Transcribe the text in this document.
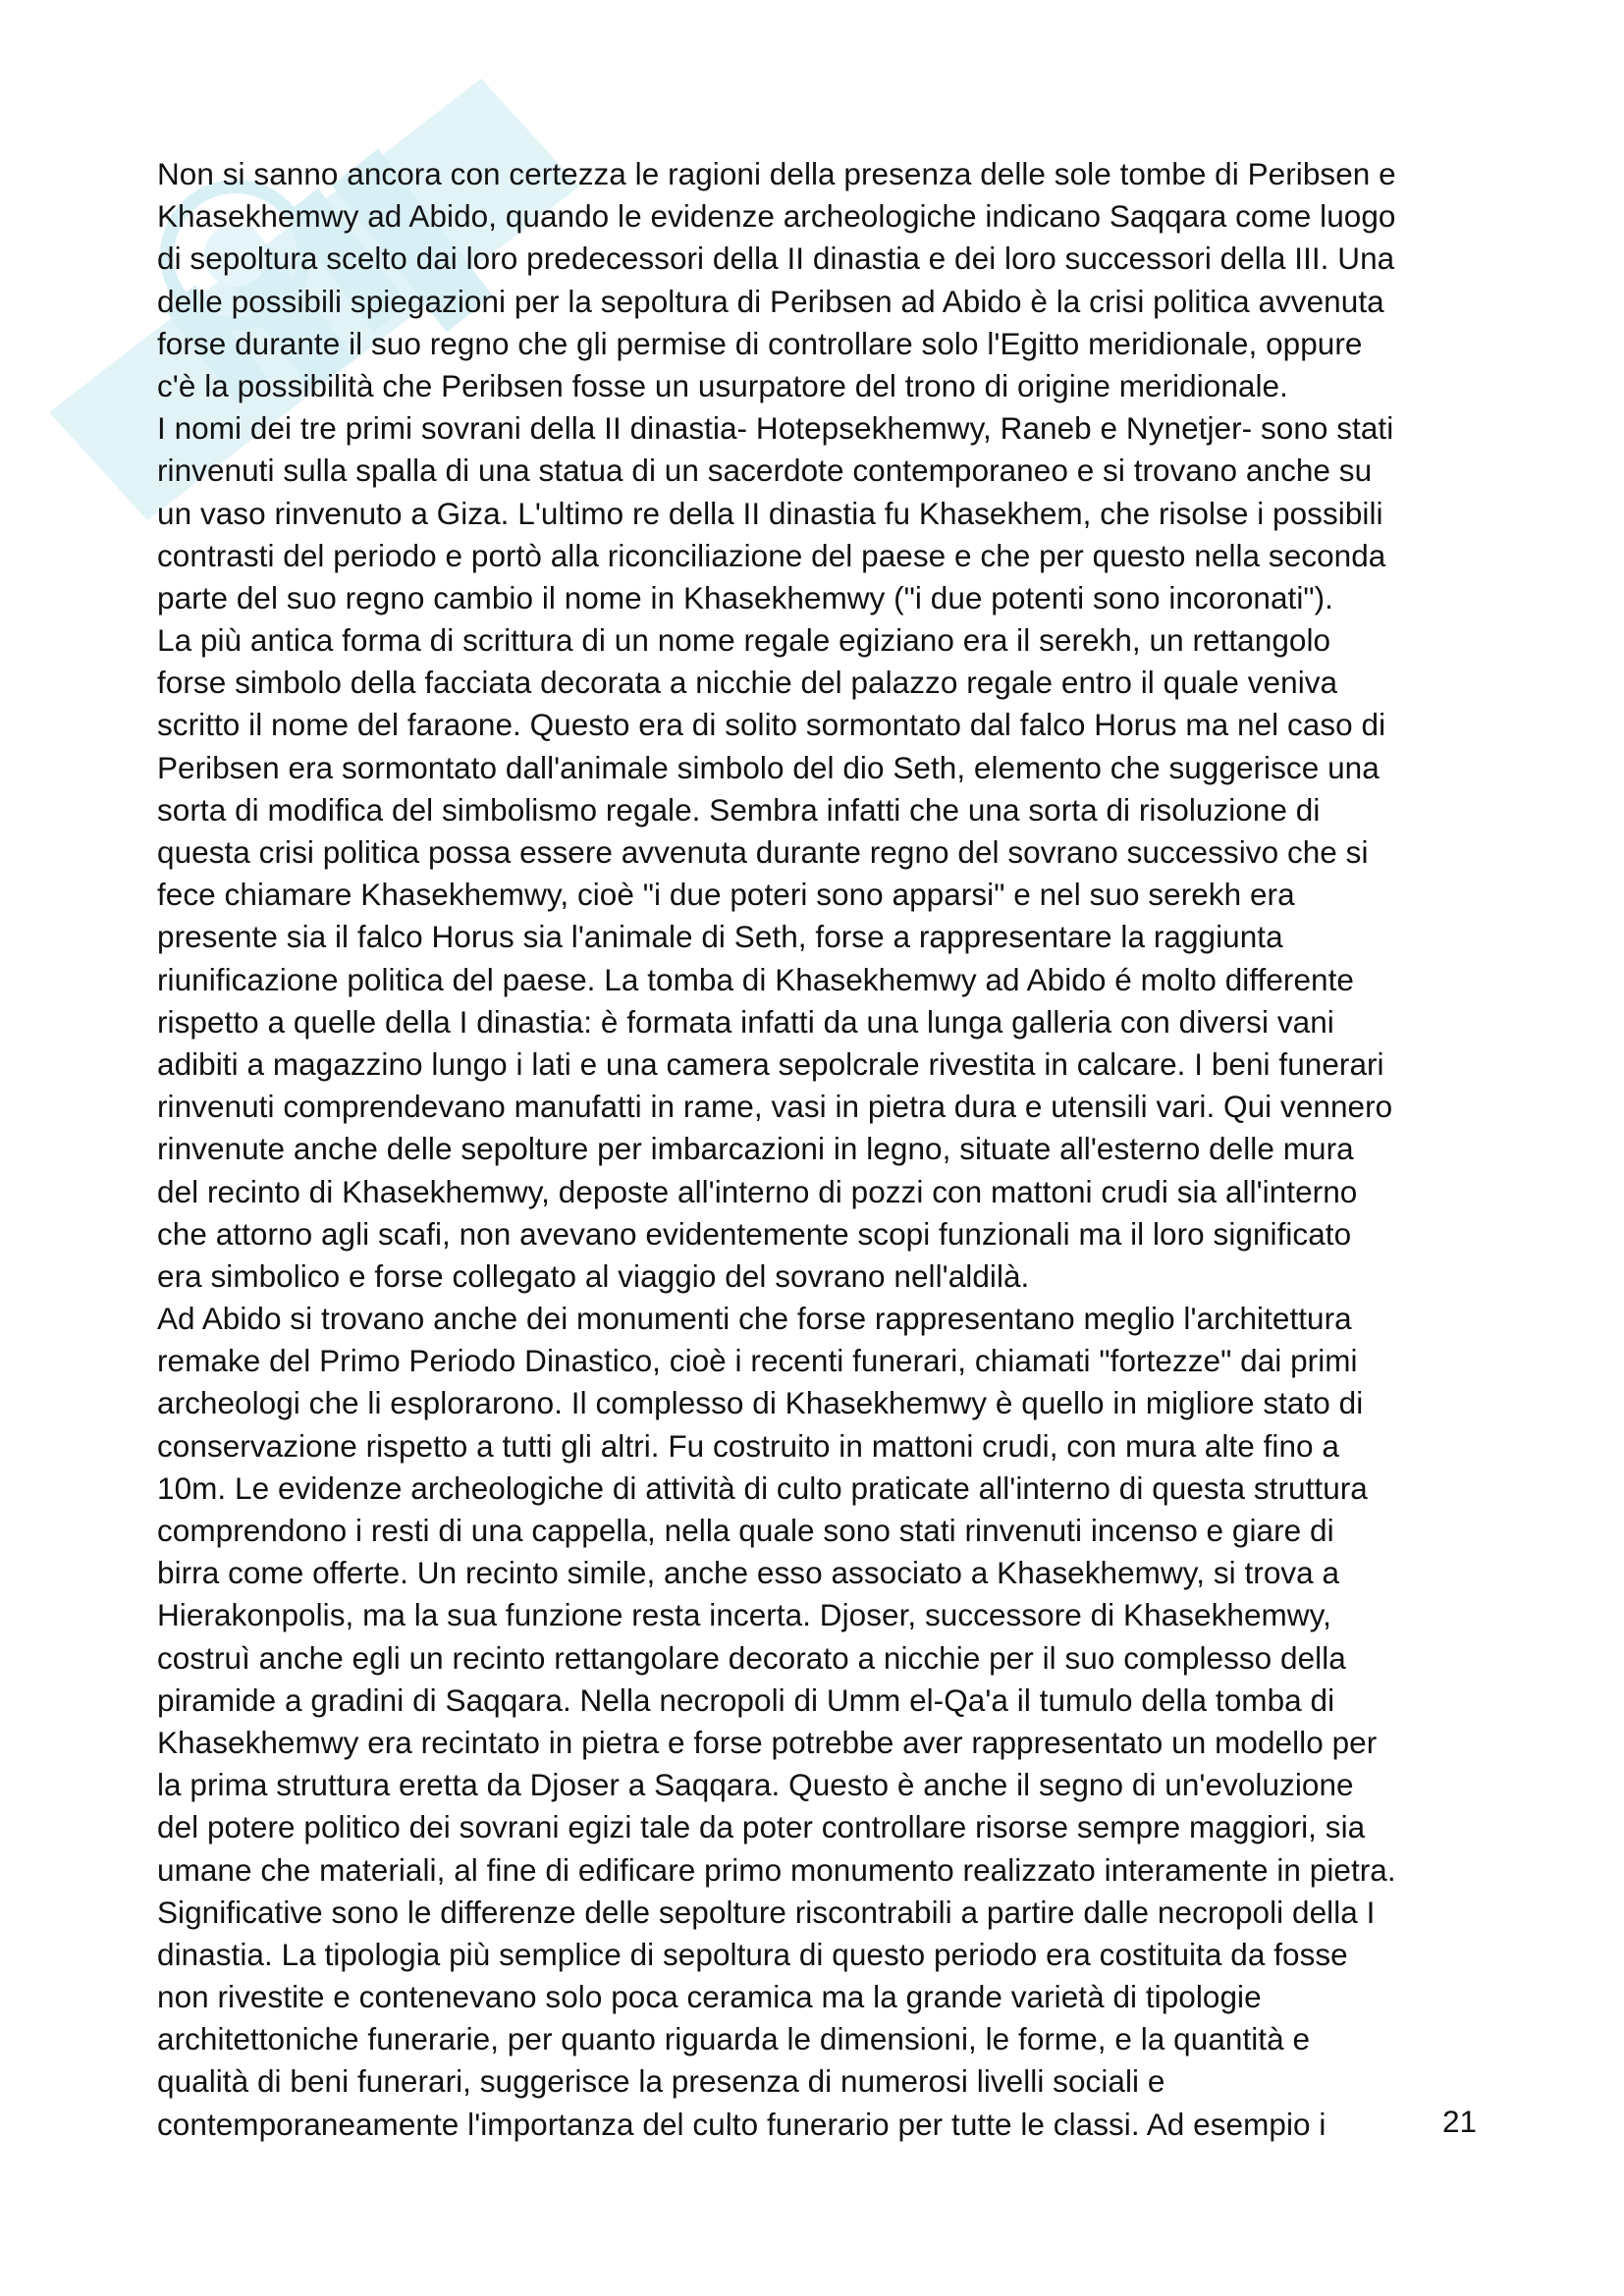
Non si sanno ancora con certezza le ragioni della presenza delle sole tombe di Peribsen e
Khasekhemwy ad Abido, quando le evidenze archeologiche indicano Saqqara come luogo
di sepoltura scelto dai loro predecessori della II dinastia e dei loro successori della III. Una
delle possibili spiegazioni per la sepoltura di Peribsen ad Abido è la crisi politica avvenuta
forse durante il suo regno che gli permise di controllare solo l'Egitto meridionale, oppure
c'è la possibilità che Peribsen fosse un usurpatore del trono di origine meridionale.
I nomi dei tre primi sovrani della II dinastia- Hotepsekhemwy, Raneb e Nynetjer- sono stati
rinvenuti sulla spalla di una statua di un sacerdote contemporaneo e si trovano anche su
un vaso rinvenuto a Giza. L'ultimo re della II dinastia fu Khasekhem, che risolse i possibili
contrasti del periodo e portò alla riconciliazione del paese e che per questo nella seconda
parte del suo regno cambio il nome in Khasekhemwy ("i due potenti sono incoronati").
La più antica forma di scrittura di un nome regale egiziano era il serekh, un rettangolo
forse simbolo della facciata decorata a nicchie del palazzo regale entro il quale veniva
scritto il nome del faraone. Questo era di solito sormontato dal falco Horus ma nel caso di
Peribsen era sormontato dall'animale simbolo del dio Seth, elemento che suggerisce una
sorta di modifica del simbolismo regale. Sembra infatti che una sorta di risoluzione di
questa crisi politica possa essere avvenuta durante regno del sovrano successivo che si
fece chiamare Khasekhemwy, cioè "i due poteri sono apparsi" e nel suo serekh era
presente sia il falco Horus sia l'animale di Seth, forse a rappresentare la raggiunta
riunificazione politica del paese. La tomba di Khasekhemwy ad Abido é molto differente
rispetto a quelle della I dinastia: è formata infatti da una lunga galleria con diversi vani
adibiti a magazzino lungo i lati e una camera sepolcrale rivestita in calcare. I beni funerari
rinvenuti comprendevano manufatti in rame, vasi in pietra dura e utensili vari. Qui vennero
rinvenute anche delle sepolture per imbarcazioni in legno, situate all'esterno delle mura
del recinto di Khasekhemwy, deposte all'interno di pozzi con mattoni crudi sia all'interno
che attorno agli scafi, non avevano evidentemente scopi funzionali ma il loro significato
era simbolico e forse collegato al viaggio del sovrano nell'aldilà.
Ad Abido si trovano anche dei monumenti che forse rappresentano meglio l'architettura
remake del Primo Periodo Dinastico, cioè i recenti funerari, chiamati "fortezze" dai primi
archeologi che li esplorarono. Il complesso di Khasekhemwy è quello in migliore stato di
conservazione rispetto a tutti gli altri. Fu costruito in mattoni crudi, con mura alte fino a
10m. Le evidenze archeologiche di attività di culto praticate all'interno di questa struttura
comprendono i resti di una cappella, nella quale sono stati rinvenuti incenso e giare di
birra come offerte. Un recinto simile, anche esso associato a Khasekhemwy, si trova a
Hierakonpolis, ma la sua funzione resta incerta. Djoser, successore di Khasekhemwy,
costruì anche egli un recinto rettangolare decorato a nicchie per il suo complesso della
piramide a gradini di Saqqara. Nella necropoli di Umm el-Qa'a il tumulo della tomba di
Khasekhemwy era recintato in pietra e forse potrebbe aver rappresentato un modello per
la prima struttura eretta da Djoser a Saqqara. Questo è anche il segno di un'evoluzione
del potere politico dei sovrani egizi tale da poter controllare risorse sempre maggiori, sia
umane che materiali, al fine di edificare primo monumento realizzato interamente in pietra.
Significative sono le differenze delle sepolture riscontrabili a partire dalle necropoli della I
dinastia. La tipologia più semplice di sepoltura di questo periodo era costituita da fosse
non rivestite e contenevano solo poca ceramica ma la grande varietà di tipologie
architettoniche funerarie, per quanto riguarda le dimensioni, le forme, e la quantità e
qualità di beni funerari, suggerisce la presenza di numerosi livelli sociali e
contemporaneamente l'importanza del culto funerario per tutte le classi. Ad esempio i	21
